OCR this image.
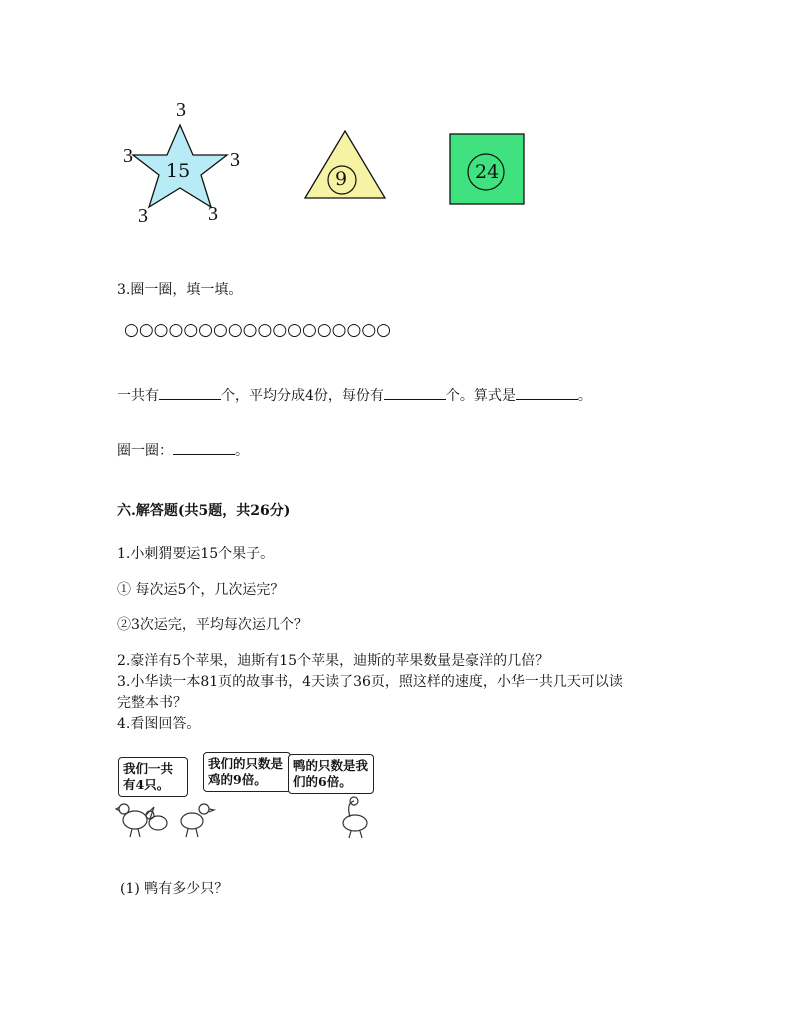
3
3	3
3	3
15	9	24
3.圈一圈，填一填。
○○○○○○○○○○○○○○○○○○
一共有	个，平均分成4份，每份有	个。算式是	。
圈一圈：	。
六.解答题(共5题，共26分)
1.小刺猬要运15个果子。
① 每次运5个，几次运完？
②3次运完，平均每次运几个？
2.豪洋有5个苹果，迪斯有15个苹果，迪斯的苹果数量是豪洋的几倍？
3.小华读一本81页的故事书，4天读了36页，照这样的速度，小华一共几天可以读
完整本书？
4.看图回答。
我们一共有4只。
我们的只数是鸡的9倍。
鸭的只数是我们的6倍。
(1) 鸭有多少只？
